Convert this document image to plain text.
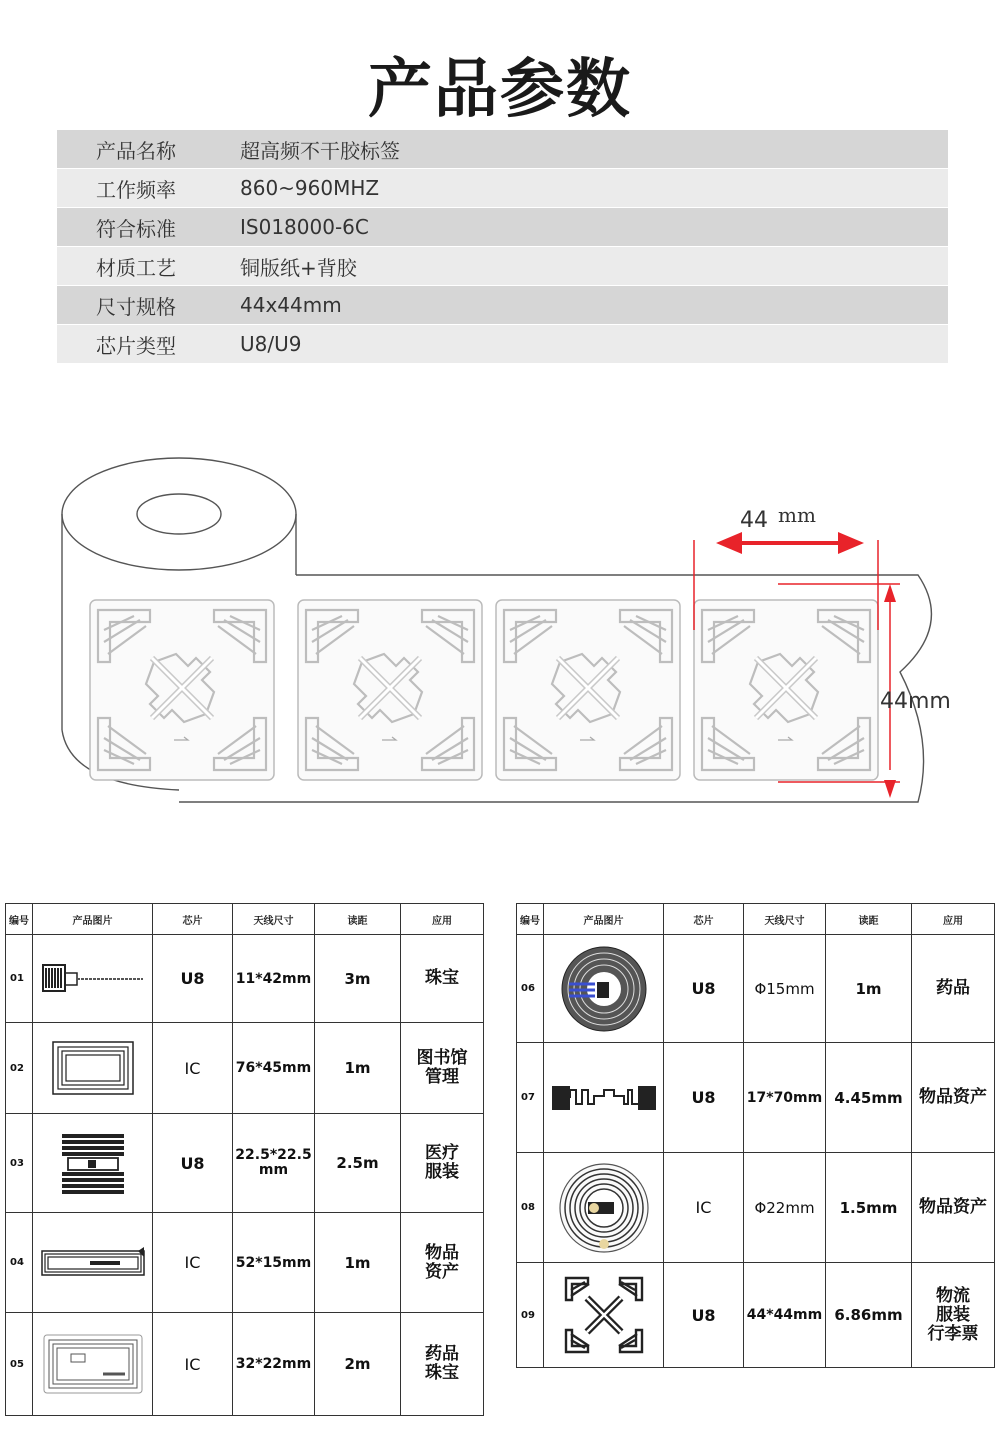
产品参数
产品名称	超高频不干胶标签
工作频率	860~960MHZ
符合标准	IS018000-6C
材质工艺	铜版纸+背胶
尺寸规格	44x44mm
芯片类型	U8/U9
44 mm
44mm
编号	产品图片	芯片	天线尺寸	读距	应用
01		U8	11*42mm	3m	珠宝
02		IC	76*45mm	1m	图书馆
管理
03		U8	22.5*22.5
mm	2.5m	医疗
服装
04		IC	52*15mm	1m	物品
资产
05		IC	32*22mm	2m	药品
珠宝
编号	产品图片	芯片	天线尺寸	读距	应用
06		U8	Φ15mm	1m	药品
07		U8	17*70mm	4.45mm	物品资产
08		IC	Φ22mm	1.5mm	物品资产
09		U8	44*44mm	6.86mm	物流
服装
行李票
